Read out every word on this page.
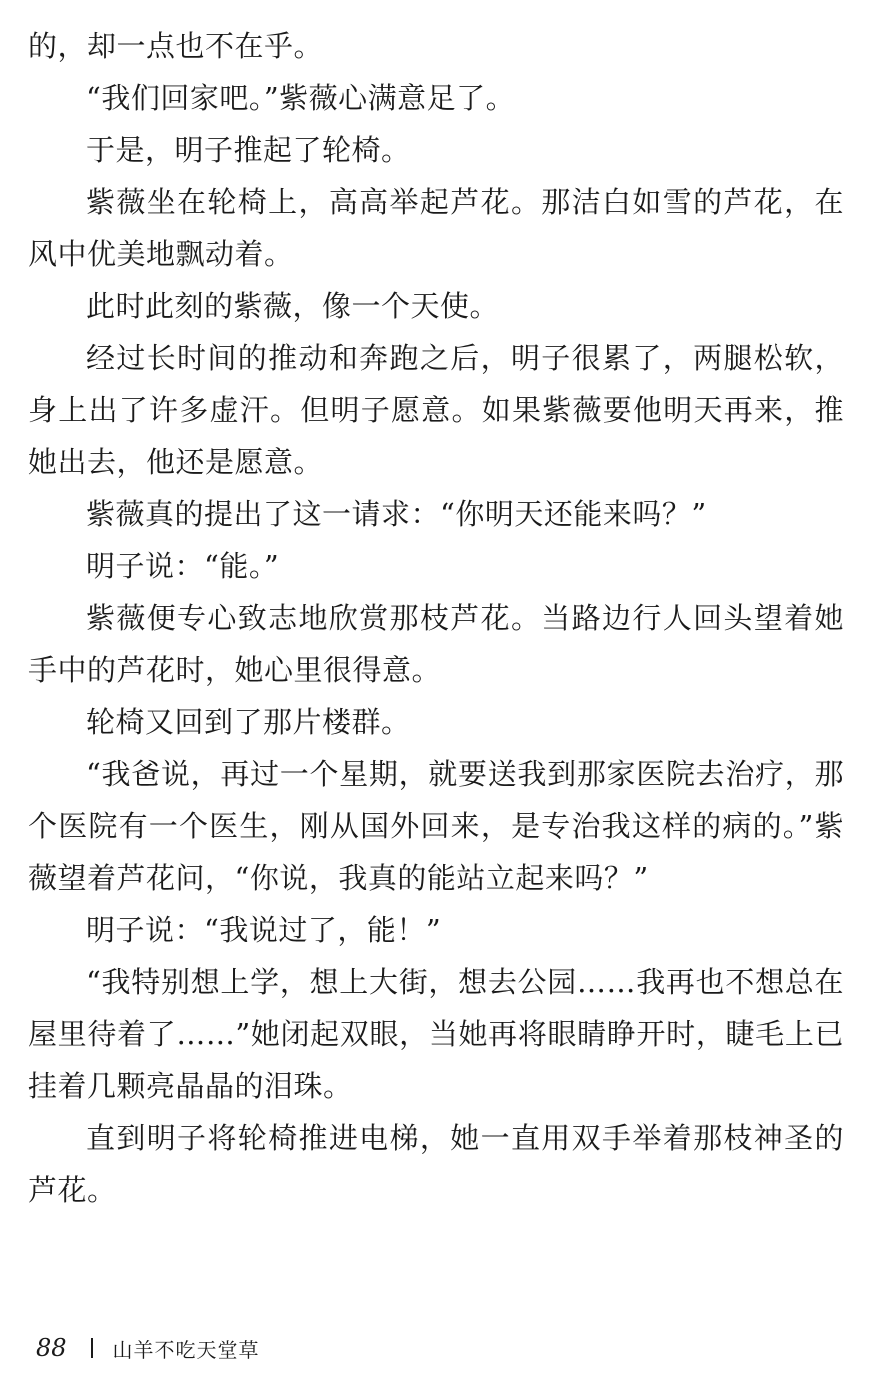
的，却一点也不在乎。

“我们回家吧。”紫薇心满意足了。

于是，明子推起了轮椅。

紫薇坐在轮椅上，高高举起芦花。那洁白如雪的芦花，在风中优美地飘动着。

此时此刻的紫薇，像一个天使。

经过长时间的推动和奔跑之后，明子很累了，两腿松软，身上出了许多虚汗。但明子愿意。如果紫薇要他明天再来，推她出去，他还是愿意。

紫薇真的提出了这一请求：“你明天还能来吗？”

明子说：“能。”

紫薇便专心致志地欣赏那枝芦花。当路边行人回头望着她手中的芦花时，她心里很得意。

轮椅又回到了那片楼群。

“我爸说，再过一个星期，就要送我到那家医院去治疗，那个医院有一个医生，刚从国外回来，是专治我这样的病的。”紫薇望着芦花问，“你说，我真的能站立起来吗？”

明子说：“我说过了，能！”

“我特别想上学，想上大街，想去公园……我再也不想总在屋里待着了……”她闭起双眼，当她再将眼睛睁开时，睫毛上已挂着几颗亮晶晶的泪珠。

直到明子将轮椅推进电梯，她一直用双手举着那枝神圣的芦花。

88 山羊不吃天堂草
